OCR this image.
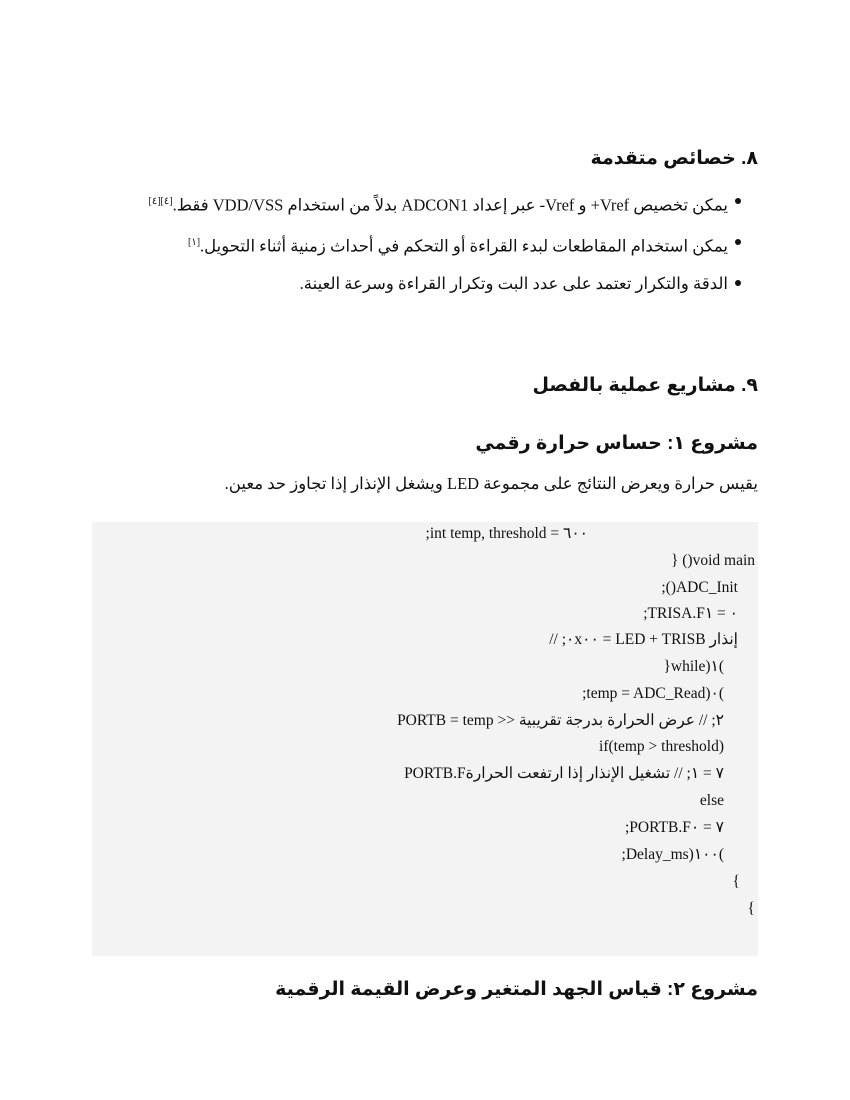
٨. خصائص متقدمة
يمكن تخصيص Vref+ و Vref- عبر إعداد ADCON1 بدلاً من استخدام VDD/VSS فقط.[٤][٤]
يمكن استخدام المقاطعات لبدء القراءة أو التحكم في أحداث زمنية أثناء التحويل.[١]
الدقة والتكرار تعتمد على عدد البت وتكرار القراءة وسرعة العينة.
٩. مشاريع عملية بالفصل
مشروع ١: حساس حرارة رقمي
يقيس حرارة ويعرض النتائج على مجموعة LED ويشغل الإنذار إذا تجاوز حد معين.
;int temp, threshold = ٦٠٠
} ()void main
;()ADC_Init
;TRISA.F٠ = ١
إنذار LED + TRISB = ٠x٠٠; //
}while)١(
;temp = ADC_Read)٠(
PORTB = temp >> ٢; // عرض الحرارة بدرجة تقريبية
if(temp > threshold)
PORTB.F٧ = ١; // تشغيل الإنذار إذا ارتفعت الحرارة
else
;PORTB.F٧ = ٠
;Delay_ms)١٠٠(
{
{
مشروع ٢: قياس الجهد المتغير وعرض القيمة الرقمية
